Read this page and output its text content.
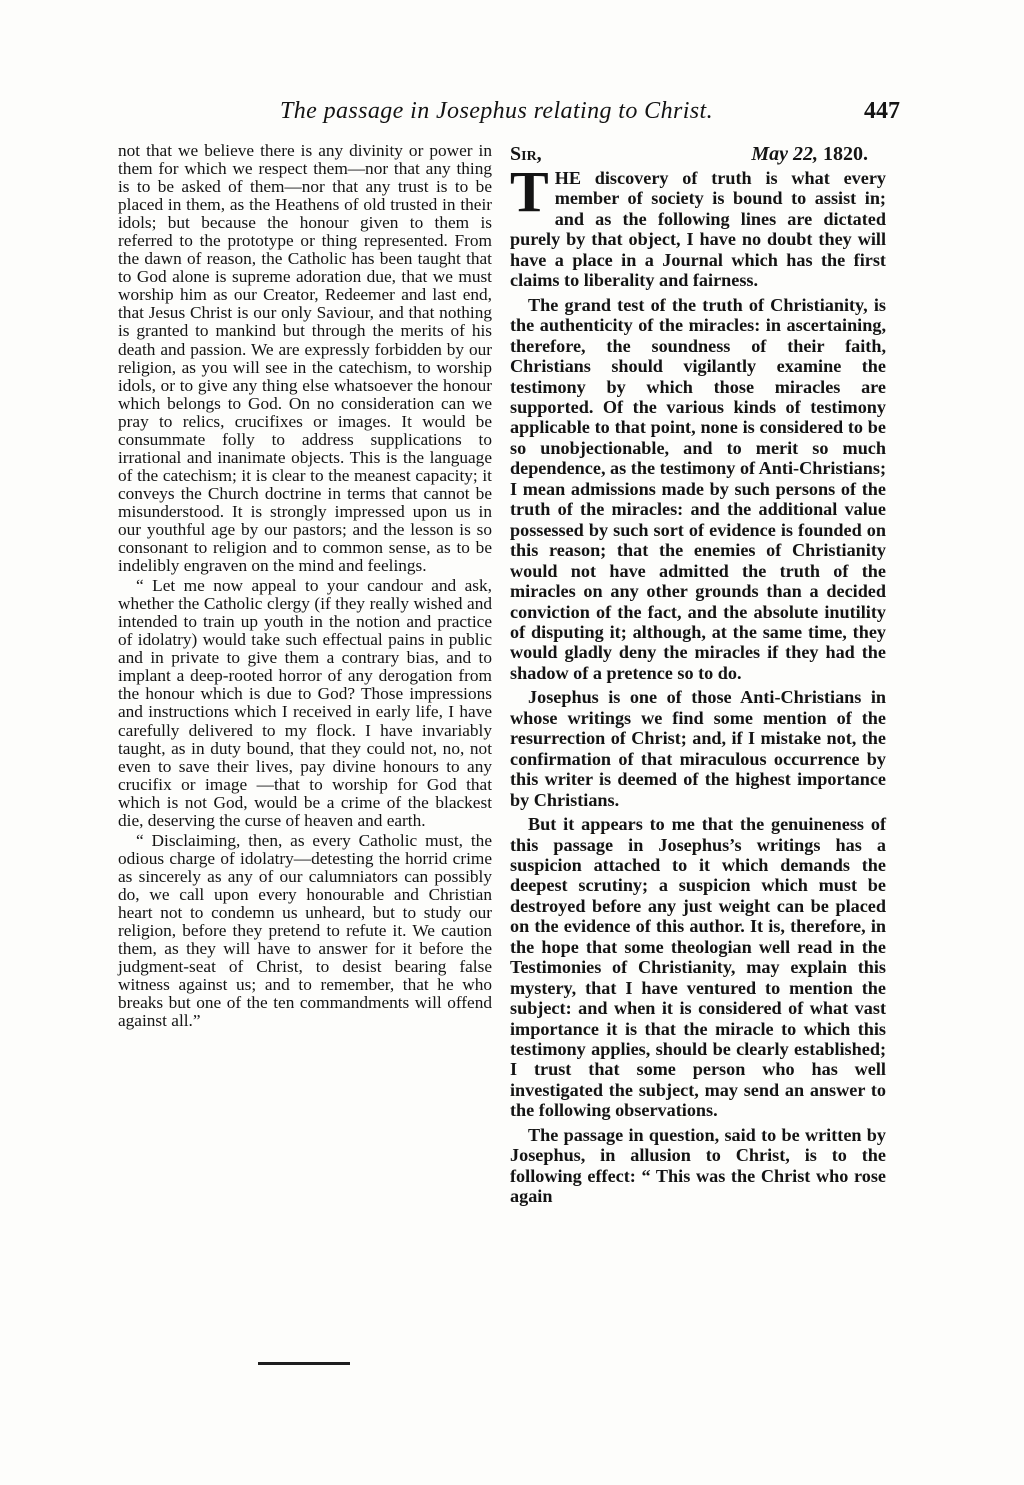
The passage in Josephus relating to Christ.	447

not that we believe there is any divinity or power in them for which we respect them—nor that any thing is to be asked of them—nor that any trust is to be placed in them, as the Heathens of old trusted in their idols; but because the honour given to them is referred to the prototype or thing represented. From the dawn of reason, the Catholic has been taught that to God alone is supreme adoration due, that we must worship him as our Creator, Redeemer and last end, that Jesus Christ is our only Saviour, and that nothing is granted to mankind but through the merits of his death and passion. We are expressly forbidden by our religion, as you will see in the catechism, to worship idols, or to give any thing else whatsoever the honour which belongs to God. On no consideration can we pray to relics, crucifixes or images. It would be consummate folly to address supplications to irrational and inanimate objects. This is the language of the catechism; it is clear to the meanest capacity; it conveys the Church doctrine in terms that cannot be misunderstood. It is strongly impressed upon us in our youthful age by our pastors; and the lesson is so consonant to religion and to common sense, as to be indelibly engraven on the mind and feelings.

“ Let me now appeal to your candour and ask, whether the Catholic clergy (if they really wished and intended to train up youth in the notion and practice of idolatry) would take such effectual pains in public and in private to give them a contrary bias, and to implant a deep-rooted horror of any derogation from the honour which is due to God? Those impressions and instructions which I received in early life, I have carefully delivered to my flock. I have invariably taught, as in duty bound, that they could not, no, not even to save their lives, pay divine honours to any crucifix or image —that to worship for God that which is not God, would be a crime of the blackest die, deserving the curse of heaven and earth.

“ Disclaiming, then, as every Catholic must, the odious charge of idolatry—detesting the horrid crime as sincerely as any of our calumniators can possibly do, we call upon every honourable and Christian heart not to condemn us unheard, but to study our religion, before they pretend to refute it. We caution them, as they will have to answer for it before the judgment-seat of Christ, to desist bearing false witness against us; and to remember, that he who breaks but one of the ten commandments will offend against all.”

Sir,	May 22, 1820.

THE discovery of truth is what every member of society is bound to assist in; and as the following lines are dictated purely by that object, I have no doubt they will have a place in a Journal which has the first claims to liberality and fairness.

The grand test of the truth of Christianity, is the authenticity of the miracles: in ascertaining, therefore, the soundness of their faith, Christians should vigilantly examine the testimony by which those miracles are supported. Of the various kinds of testimony applicable to that point, none is considered to be so unobjectionable, and to merit so much dependence, as the testimony of Anti-Christians; I mean admissions made by such persons of the truth of the miracles: and the additional value possessed by such sort of evidence is founded on this reason; that the enemies of Christianity would not have admitted the truth of the miracles on any other grounds than a decided conviction of the fact, and the absolute inutility of disputing it; although, at the same time, they would gladly deny the miracles if they had the shadow of a pretence so to do.

Josephus is one of those Anti-Christians in whose writings we find some mention of the resurrection of Christ; and, if I mistake not, the confirmation of that miraculous occurrence by this writer is deemed of the highest importance by Christians.

But it appears to me that the genuineness of this passage in Josephus’s writings has a suspicion attached to it which demands the deepest scrutiny; a suspicion which must be destroyed before any just weight can be placed on the evidence of this author. It is, therefore, in the hope that some theologian well read in the Testimonies of Christianity, may explain this mystery, that I have ventured to mention the subject: and when it is considered of what vast importance it is that the miracle to which this testimony applies, should be clearly established; I trust that some person who has well investigated the subject, may send an answer to the following observations.

The passage in question, said to be written by Josephus, in allusion to Christ, is to the following effect: “ This was the Christ who rose again
